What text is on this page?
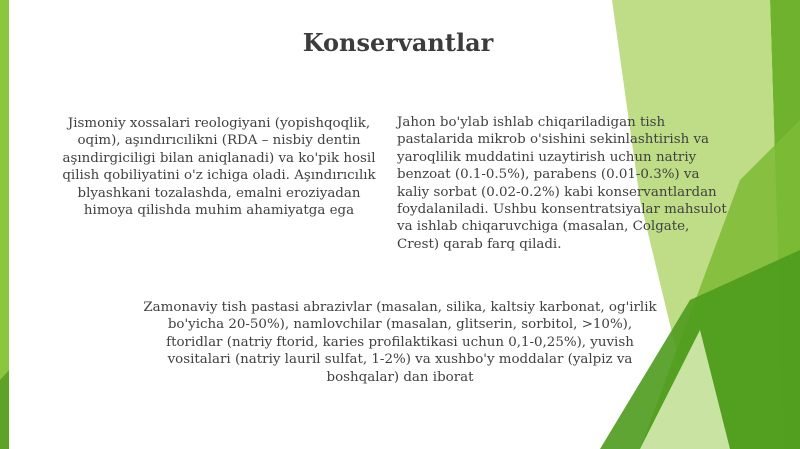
Konservantlar
Jismoniy xossalari reologiyani (yopishqoqlik, oqim), aşındırıcılikni (RDA – nisbiy dentin aşındirgiciligi bilan aniqlanadi) va ko'pik hosil qilish qobiliyatini o'z ichiga oladi. Aşındırıcılık blyashkani tozalashda, emalni eroziyadan himoya qilishda muhim ahamiyatga ega
Jahon bo'ylab ishlab chiqariladigan tish pastalarida mikrob o'sishini sekinlashtirish va yaroqlilik muddatini uzaytirish uchun natriy benzoat (0.1-0.5%), parabens (0.01-0.3%) va kaliy sorbat (0.02-0.2%) kabi konservantlardan foydalaniladi. Ushbu konsentratsiyalar mahsulot va ishlab chiqaruvchiga (masalan, Colgate, Crest) qarab farq qiladi.
Zamonaviy tish pastasi abrazivlar (masalan, silika, kaltsiy karbonat, og'irlik bo'yicha 20-50%), namlovchilar (masalan, glitserin, sorbitol, >10%), ftoridlar (natriy ftorid, karies profilaktikasi uchun 0,1-0,25%), yuvish vositalari (natriy lauril sulfat, 1-2%) va xushbo'y moddalar (yalpiz va boshqalar) dan iborat
